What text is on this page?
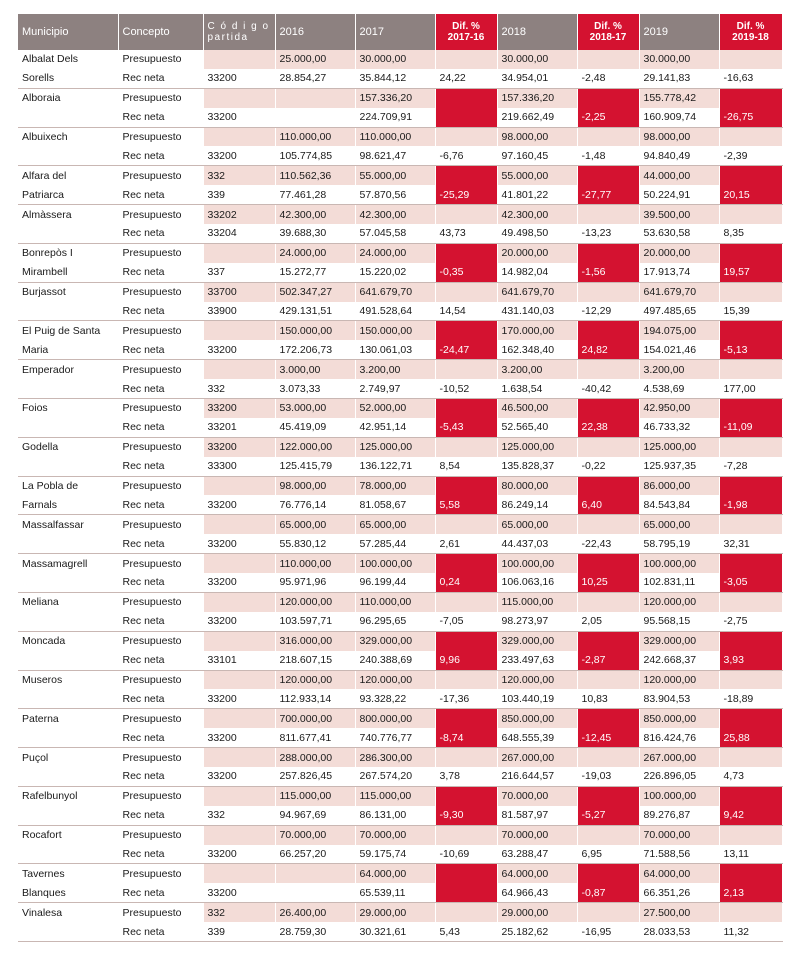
Municipio	Concepto	C ó d i g o partida	2016	2017	Dif. % 2017-16	2018	Dif. % 2018-17	2019	Dif. % 2019-18
Albalat Dels	Presupuesto		25.000,00	30.000,00		30.000,00		30.000,00	
Sorells	Rec neta	33200	28.854,27	35.844,12	24,22	34.954,01	-2,48	29.141,83	-16,63
Alboraia	Presupuesto			157.336,20		157.336,20		155.778,42	
	Rec neta	33200		224.709,91		219.662,49	-2,25	160.909,74	-26,75
Albuixech	Presupuesto		110.000,00	110.000,00		98.000,00		98.000,00	
	Rec neta	33200	105.774,85	98.621,47	-6,76	97.160,45	-1,48	94.840,49	-2,39
Alfara del	Presupuesto	332	110.562,36	55.000,00		55.000,00		44.000,00	
Patriarca	Rec neta	339	77.461,28	57.870,56	-25,29	41.801,22	-27,77	50.224,91	20,15
Almàssera	Presupuesto	33202	42.300,00	42.300,00		42.300,00		39.500,00	
	Rec neta	33204	39.688,30	57.045,58	43,73	49.498,50	-13,23	53.630,58	8,35
Bonrepòs I	Presupuesto		24.000,00	24.000,00		20.000,00		20.000,00	
Mirambell	Rec neta	337	15.272,77	15.220,02	-0,35	14.982,04	-1,56	17.913,74	19,57
Burjassot	Presupuesto	33700	502.347,27	641.679,70		641.679,70		641.679,70	
	Rec neta	33900	429.131,51	491.528,64	14,54	431.140,03	-12,29	497.485,65	15,39
El Puig de Santa	Presupuesto		150.000,00	150.000,00		170.000,00		194.075,00	
Maria	Rec neta	33200	172.206,73	130.061,03	-24,47	162.348,40	24,82	154.021,46	-5,13
Emperador	Presupuesto		3.000,00	3.200,00		3.200,00		3.200,00	
	Rec neta	332	3.073,33	2.749,97	-10,52	1.638,54	-40,42	4.538,69	177,00
Foios	Presupuesto	33200	53.000,00	52.000,00		46.500,00		42.950,00	
	Rec neta	33201	45.419,09	42.951,14	-5,43	52.565,40	22,38	46.733,32	-11,09
Godella	Presupuesto	33200	122.000,00	125.000,00		125.000,00		125.000,00	
	Rec neta	33300	125.415,79	136.122,71	8,54	135.828,37	-0,22	125.937,35	-7,28
La Pobla de	Presupuesto		98.000,00	78.000,00		80.000,00		86.000,00	
Farnals	Rec neta	33200	76.776,14	81.058,67	5,58	86.249,14	6,40	84.543,84	-1,98
Massalfassar	Presupuesto		65.000,00	65.000,00		65.000,00		65.000,00	
	Rec neta	33200	55.830,12	57.285,44	2,61	44.437,03	-22,43	58.795,19	32,31
Massamagrell	Presupuesto		110.000,00	100.000,00		100.000,00		100.000,00	
	Rec neta	33200	95.971,96	96.199,44	0,24	106.063,16	10,25	102.831,11	-3,05
Meliana	Presupuesto		120.000,00	110.000,00		115.000,00		120.000,00	
	Rec neta	33200	103.597,71	96.295,65	-7,05	98.273,97	2,05	95.568,15	-2,75
Moncada	Presupuesto		316.000,00	329.000,00		329.000,00		329.000,00	
	Rec neta	33101	218.607,15	240.388,69	9,96	233.497,63	-2,87	242.668,37	3,93
Museros	Presupuesto		120.000,00	120.000,00		120.000,00		120.000,00	
	Rec neta	33200	112.933,14	93.328,22	-17,36	103.440,19	10,83	83.904,53	-18,89
Paterna	Presupuesto		700.000,00	800.000,00		850.000,00		850.000,00	
	Rec neta	33200	811.677,41	740.776,77	-8,74	648.555,39	-12,45	816.424,76	25,88
Puçol	Presupuesto		288.000,00	286.300,00		267.000,00		267.000,00	
	Rec neta	33200	257.826,45	267.574,20	3,78	216.644,57	-19,03	226.896,05	4,73
Rafelbunyol	Presupuesto		115.000,00	115.000,00		70.000,00		100.000,00	
	Rec neta	332	94.967,69	86.131,00	-9,30	81.587,97	-5,27	89.276,87	9,42
Rocafort	Presupuesto		70.000,00	70.000,00		70.000,00		70.000,00	
	Rec neta	33200	66.257,20	59.175,74	-10,69	63.288,47	6,95	71.588,56	13,11
Tavernes	Presupuesto			64.000,00		64.000,00		64.000,00	
Blanques	Rec neta	33200		65.539,11		64.966,43	-0,87	66.351,26	2,13
Vinalesa	Presupuesto	332	26.400,00	29.000,00		29.000,00		27.500,00	
	Rec neta	339	28.759,30	30.321,61	5,43	25.182,62	-16,95	28.033,53	11,32
